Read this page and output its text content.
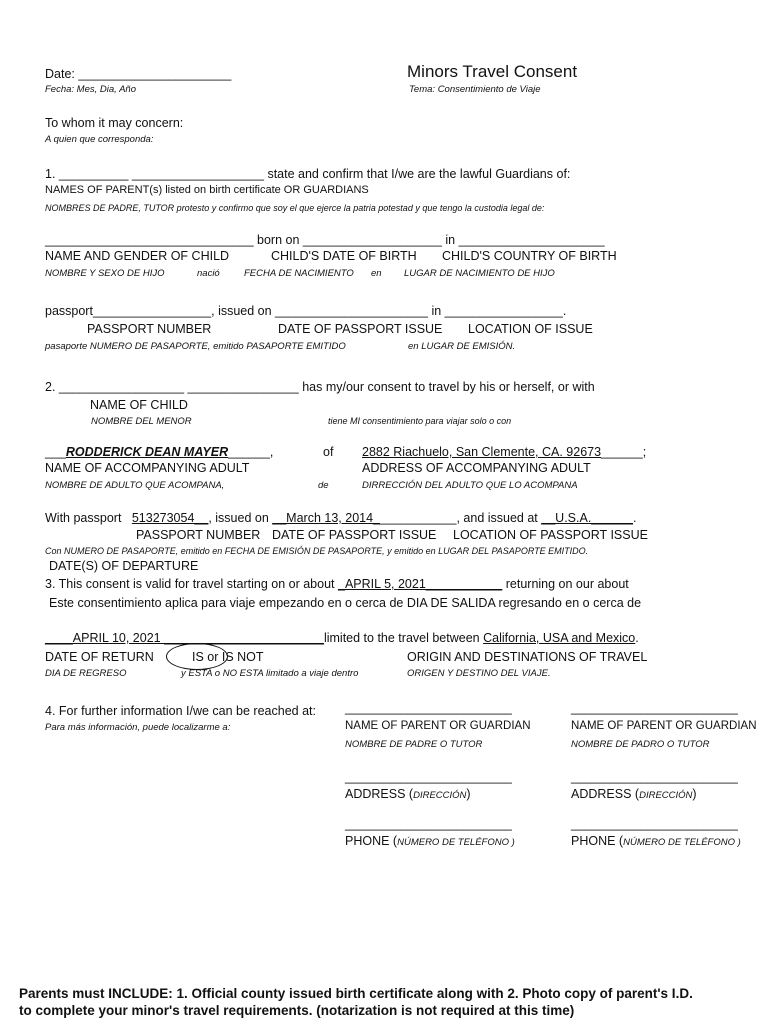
Date: ______________________
Fecha: Mes, Dia, Año
Minors Travel Consent
Tema: Consentimiento de Viaje
To whom it may concern:
A quien que corresponda:
1. __________ ___________________ state and confirm that I/we are the lawful Guardians of:
NAMES OF PARENT(s) listed on birth certificate OR GUARDIANS
NOMBRES DE PADRE, TUTOR protesto y confirmo que soy el que ejerce la patria potestad y que tengo la custodia legal de:
______________________________ born on ____________________ in _____________________
NAME AND GENDER OF CHILD	CHILD'S DATE OF BIRTH CHILD'S COUNTRY OF BIRTH
NOMBRE Y SEXO DE HIJO	nació	FECHA DE NACIMIENTO en LUGAR DE NACIMIENTO DE HIJO
passport_________________, issued on ______________________ in _________________.
PASSPORT NUMBER	DATE OF PASSPORT ISSUE LOCATION OF ISSUE
pasaporte NUMERO DE PASAPORTE, emitido PASAPORTE EMITIDO	en LUGAR DE EMISIÓN.
2. __________________ ________________ has my/our consent to travel by his or herself, or with
NAME OF CHILD
NOMBRE DEL MENOR	tiene MI consentimiento para viajar solo o con
___RODDERICK DEAN MAYER______,	of 2882 Riachuelo, San Clemente, CA. 92673______;
NAME OF ACCOMPANYING ADULT	ADDRESS OF ACCOMPANYING ADULT
NOMBRE DE ADULTO QUE ACOMPANA,	de	DIRRECCIÓN DEL ADULTO QUE LO ACOMPANA
With passport 513273054__, issued on __March 13, 2014____________, and issued at __U.S.A.______.
PASSPORT NUMBER DATE OF PASSPORT ISSUE LOCATION OF PASSPORT ISSUE
Con NUMERO DE PASAPORTE, emitido en FECHA DE EMISIÓN DE PASAPORTE, y emitido en LUGAR DEL PASAPORTE EMITIDO.
DATE(S) OF DEPARTURE
3. This consent is valid for travel starting on or about _APRIL 5, 2021___________ returning on our about
Este consentimiento aplica para viaje empezando en o cerca de DIA DE SALIDA regresando en o cerca de
____APRIL 10, 2021 _______________________limited to the travel between California, USA and Mexico.
DATE OF RETURN	IS or IS NOT	ORIGIN AND DESTINATIONS OF TRAVEL
DIA DE REGRESO	y ESTA o NO ESTA limitado a viaje dentro	ORIGEN Y DESTINO DEL VIAJE.
4. For further information I/we can be reached at:
Para más información, puede localizarme a:
________________________	________________________
NAME OF PARENT OR GUARDIAN	NAME OF PARENT OR GUARDIAN
NOMBRE DE PADRE O TUTOR	NOMBRE DE PADRO O TUTOR
________________________	________________________
ADDRESS (DIRECCIÓN)	ADDRESS (DIRECCIÓN)
________________________	________________________
PHONE (NÚMERO DE TELÉFONO )	PHONE (NÚMERO DE TELÉFONO )
Parents must INCLUDE: 1. Official county issued birth certificate along with 2. Photo copy of parent's I.D.
to complete your minor's travel requirements. (notarization is not required at this time)
